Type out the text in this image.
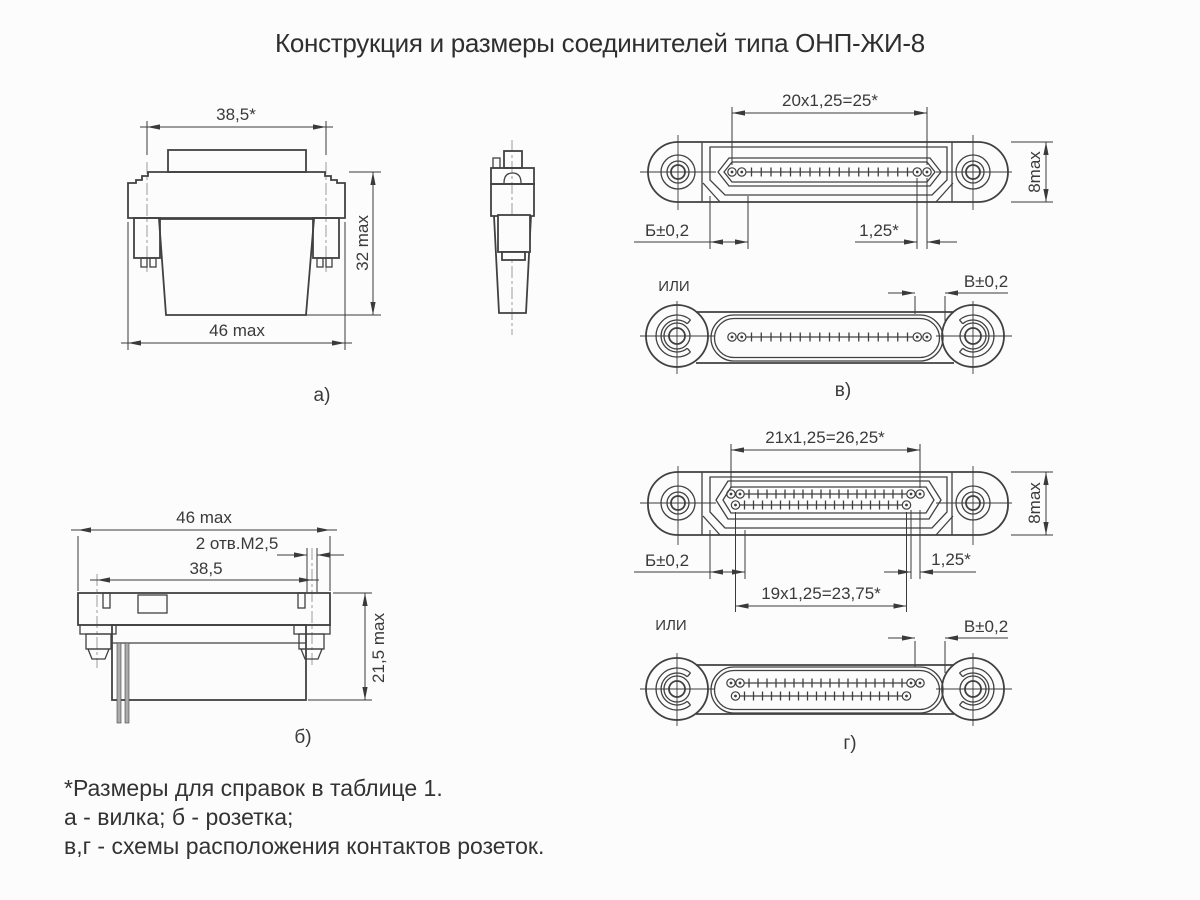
Конструкция и размеры соединителей типа ОНП-ЖИ-8
38,5*
32 max
46 max
а)
20х1,25=25*
8max
Б±0,2	1,25*
ИЛИ	В±0,2
в)
21х1,25=26,25*
8max
Б±0,2	1,25*
19х1,25=23,75*
ИЛИ	В±0,2
г)
46 max
2 отв.М2,5
38,5
21,5 max
б)
*Размеры для справок в таблице 1.
а - вилка; б - розетка;
в,г - схемы расположения контактов розеток.
